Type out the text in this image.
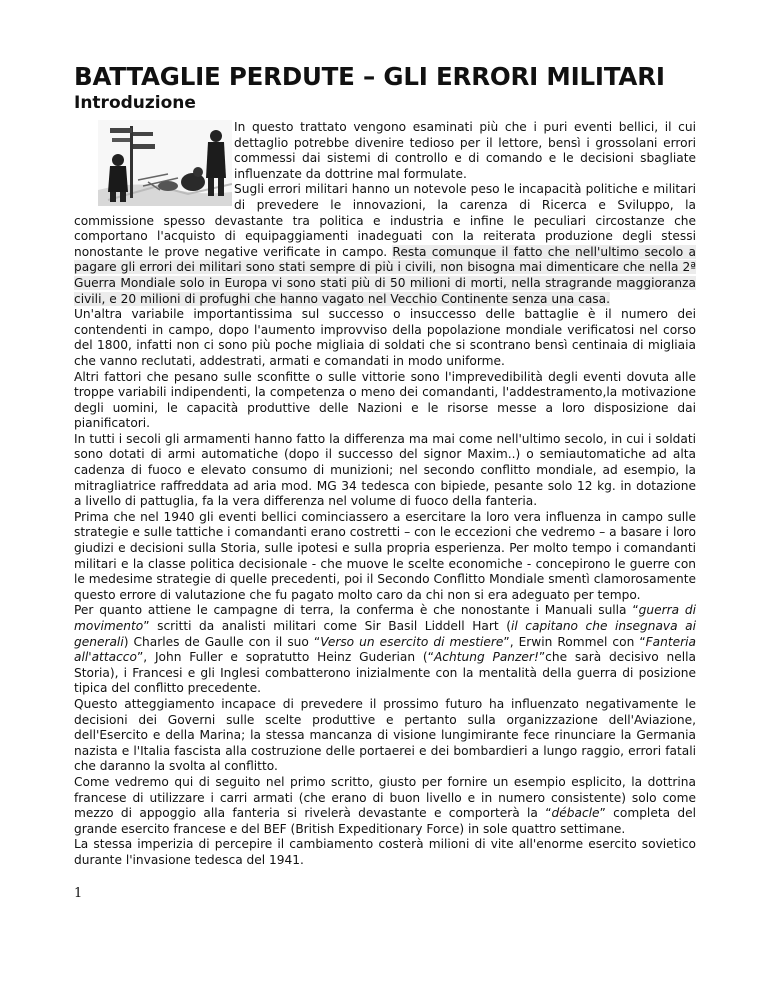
BATTAGLIE PERDUTE – GLI ERRORI MILITARI
Introduzione

In questo trattato vengono esaminati più che i puri eventi bellici, il cui dettaglio potrebbe divenire tedioso per il lettore, bensì i grossolani errori commessi dai sistemi di controllo e di comando e le decisioni sbagliate influenzate da dottrine mal formulate.
Sugli errori militari hanno un notevole peso le incapacità politiche e militari di prevedere le innovazioni, la carenza di Ricerca e Sviluppo, la commissione spesso devastante tra politica e industria e infine le peculiari circostanze che comportano l'acquisto di equipaggiamenti inadeguati con la reiterata produzione degli stessi nonostante le prove negative verificate in campo. Resta comunque il fatto che nell'ultimo secolo a pagare gli errori dei militari sono stati sempre di più i civili, non bisogna mai dimenticare che nella 2ª Guerra Mondiale solo in Europa vi sono stati più di 50 milioni di morti, nella stragrande maggioranza civili, e 20 milioni di profughi che hanno vagato nel Vecchio Continente senza una casa.

Un'altra variabile importantissima sul successo o insuccesso delle battaglie è il numero dei contendenti in campo, dopo l'aumento improvviso della popolazione mondiale verificatosi nel corso del 1800, infatti non ci sono più poche migliaia di soldati che si scontrano bensì centinaia di migliaia che vanno reclutati, addestrati, armati e comandati in modo uniforme.

Altri fattori che pesano sulle sconfitte o sulle vittorie sono l'imprevedibilità degli eventi dovuta alle troppe variabili indipendenti, la competenza o meno dei comandanti, l'addestramento,la motivazione degli uomini, le capacità produttive delle Nazioni e le risorse messe a loro disposizione dai pianificatori.

In tutti i secoli gli armamenti hanno fatto la differenza ma mai come nell'ultimo secolo, in cui i soldati sono dotati di armi automatiche (dopo il successo del signor Maxim..) o semiautomatiche ad alta cadenza di fuoco e elevato consumo di munizioni; nel secondo conflitto mondiale, ad esempio, la mitragliatrice raffreddata ad aria mod. MG 34 tedesca con bipiede, pesante solo 12 kg. in dotazione a livello di pattuglia, fa la vera differenza nel volume di fuoco della fanteria.

Prima che nel 1940 gli eventi bellici cominciassero a esercitare la loro vera influenza in campo sulle strategie e sulle tattiche i comandanti erano costretti – con le eccezioni che vedremo – a basare i loro giudizi e decisioni sulla Storia, sulle ipotesi e sulla propria esperienza. Per molto tempo i comandanti militari e la classe politica decisionale - che muove le scelte economiche - concepirono le guerre con le medesime strategie di quelle precedenti, poi il Secondo Conflitto Mondiale smentì clamorosamente questo errore di valutazione che fu pagato molto caro da chi non si era adeguato per tempo.

Per quanto attiene le campagne di terra, la conferma è che nonostante i Manuali sulla “guerra di movimento” scritti da analisti militari come Sir Basil Liddell Hart (il capitano che insegnava ai generali) Charles de Gaulle con il suo “Verso un esercito di mestiere”, Erwin Rommel con “Fanteria all'attacco”, John Fuller e sopratutto Heinz Guderian (“Achtung Panzer!”che sarà decisivo nella Storia), i Francesi e gli Inglesi combatterono inizialmente con la mentalità della guerra di posizione tipica del conflitto precedente.

Questo atteggiamento incapace di prevedere il prossimo futuro ha influenzato negativamente le decisioni dei Governi sulle scelte produttive e pertanto sulla organizzazione dell'Aviazione, dell'Esercito e della Marina; la stessa mancanza di visione lungimirante fece rinunciare la Germania nazista e l'Italia fascista alla costruzione delle portaerei e dei bombardieri a lungo raggio, errori fatali che daranno la svolta al conflitto.

Come vedremo qui di seguito nel primo scritto, giusto per fornire un esempio esplicito, la dottrina francese di utilizzare i carri armati (che erano di buon livello e in numero consistente) solo come mezzo di appoggio alla fanteria si rivelerà devastante e comporterà la “débacle” completa del grande esercito francese e del BEF (British Expeditionary Force) in sole quattro settimane.

La stessa imperizia di percepire il cambiamento costerà milioni di vite all'enorme esercito sovietico durante l'invasione tedesca del 1941.

1
